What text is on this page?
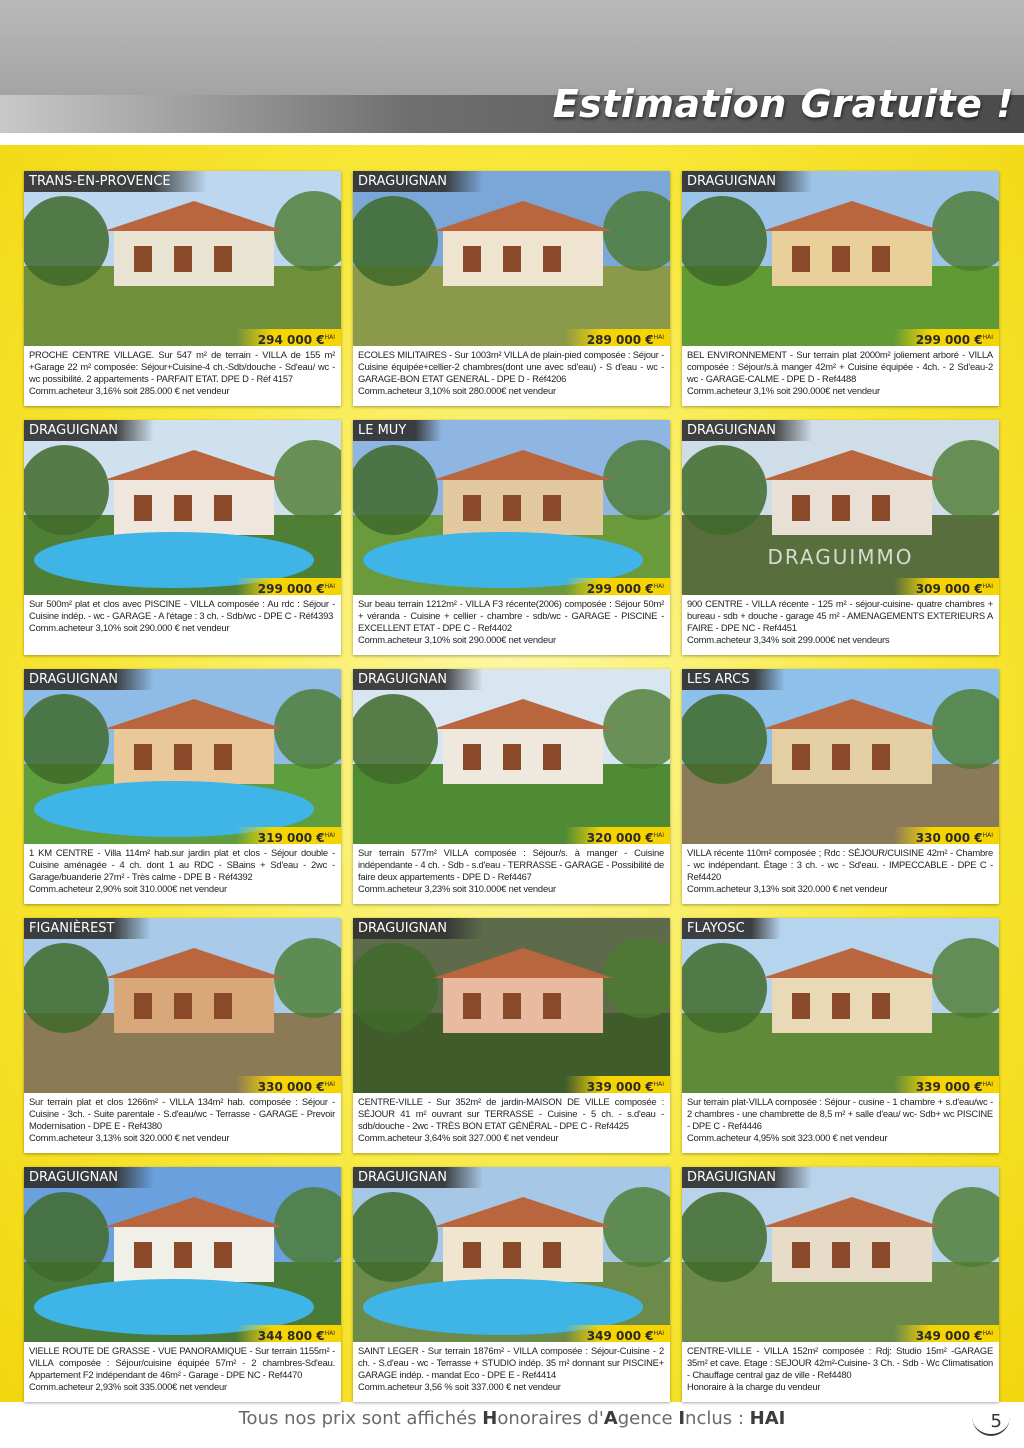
Estimation Gratuite !
TRANS-EN-PROVENCE
294 000 €$^{HAI}$
PROCHE CENTRE VILLAGE. Sur 547 m² de terrain - VILLA de 155 m² +Garage 22 m² composée: Séjour+Cuisine-4 ch.-Sdb/douche - Sd'eau/ wc - wc possibilité. 2 appartements - PARFAIT ETAT. DPE D - Réf 4157
Comm.acheteur 3,16% soit 285.000 € net vendeur
DRAGUIGNAN
289 000 €$^{HAI}$
ECOLES MILITAIRES - Sur 1003m² VILLA de plain-pied composée : Séjour - Cuisine équipée+cellier-2 chambres(dont une avec sd'eau) - S d'eau - wc -GARAGE-BON ETAT GENERAL - DPE D - Réf4206
Comm.acheteur 3,10% soit 280.000€ net vendeur
DRAGUIGNAN
299 000 €$^{HAI}$
BEL ENVIRONNEMENT - Sur terrain plat 2000m² joliement arboré - VILLA composée : Séjour/s.à manger 42m² + Cuisine équipée - 4ch. - 2 Sd'eau-2 wc - GARAGE-CALME - DPE D - Ref4488
Comm.acheteur 3,1% soit 290.000€ net vendeur
DRAGUIGNAN
299 000 €$^{HAI}$
Sur 500m² plat et clos avec PISCINE - VILLA composée : Au rdc : Séjour - Cuisine indép. - wc - GARAGE - A l'étage : 3 ch. - Sdb/wc - DPE C - Réf4393
Comm.acheteur 3,10% soit 290.000 € net vendeur
LE MUY
299 000 €$^{HAI}$
Sur beau terrain 1212m² - VILLA F3 récente(2006) composée : Séjour 50m² + véranda - Cuisine + cellier - chambre - sdb/wc - GARAGE - PISCINE - EXCELLENT ETAT - DPE C - Ref4402
Comm.acheteur 3,10% soit 290.000€ net vendeur
DRAGUIGNAN
DRAGUIMMO
309 000 €$^{HAI}$
900 CENTRE - VILLA récente - 125 m² - séjour-cuisine- quatre chambres + bureau - sdb + douche - garage 45 m² - AMENAGEMENTS EXTERIEURS A FAIRE - DPE NC - Ref4451
Comm.acheteur 3,34% soit 299.000€ net vendeurs
DRAGUIGNAN
319 000 €$^{HAI}$
1 KM CENTRE - Villa 114m² hab.sur jardin plat et clos - Séjour double - Cuisine aménagée - 4 ch. dont 1 au RDC - SBains + Sd'eau - 2wc - Garage/buanderie 27m² - Très calme - DPE B - Réf4392
Comm.acheteur 2,90% soit 310.000€ net vendeur
DRAGUIGNAN
320 000 €$^{HAI}$
Sur terrain 577m² VILLA composée : Séjour/s. à manger - Cuisine indépendante - 4 ch. - Sdb - s.d'eau - TERRASSE - GARAGE - Possibilité de faire deux appartements - DPE D - Ref4467
Comm.acheteur 3,23% soit 310.000€ net vendeur
LES ARCS
330 000 €$^{HAI}$
VILLA récente 110m² composée ; Rdc : SÉJOUR/CUISINE 42m² - Chambre - wc indépendant. Étage : 3 ch. - wc - Sd'eau. - IMPECCABLE - DPE C - Ref4420
Comm.acheteur 3,13% soit 320.000 € net vendeur
FIGANIÈREST
330 000 €$^{HAI}$
Sur terrain plat et clos 1266m² - VILLA 134m² hab. composée : Séjour - Cuisine - 3ch. - Suite parentale - S.d'eau/wc - Terrasse - GARAGE - Prevoir Modernisation - DPE E - Ref4380
Comm.acheteur 3,13% soit 320.000 € net vendeur
DRAGUIGNAN
339 000 €$^{HAI}$
CENTRE-VILLE - Sur 352m² de jardin-MAISON DE VILLE composée : SÉJOUR 41 m² ouvrant sur TERRASSE - Cuisine - 5 ch. - s.d'eau - sdb/douche - 2wc - TRÈS BON ETAT GÉNÉRAL - DPE C - Ref4425
Comm.acheteur 3,64% soit 327.000 € net vendeur
FLAYOSC
339 000 €$^{HAI}$
Sur terrain plat-VILLA composée : Séjour - cusine - 1 chambre + s.d'eau/wc - 2 chambres - une chambrette de 8,5 m² + salle d'eau/ wc- Sdb+ wc PISCINE - DPE C - Ref4446
Comm.acheteur 4,95% soit 323.000 € net vendeur
DRAGUIGNAN
344 800 €$^{HAI}$
VIELLE ROUTE DE GRASSE - VUE PANORAMIQUE - Sur terrain 1155m² - VILLA composée : Séjour/cuisine équipée 57m² - 2 chambres-Sd'eau. Appartement F2 indépendant de 46m² - Garage - DPE NC - Ref4470
Comm.acheteur 2,93% soit 335.000€ net vendeur
DRAGUIGNAN
349 000 €$^{HAI}$
SAINT LEGER - Sur terrain 1876m² - VILLA composée : Séjour-Cuisine - 2 ch. - S.d'eau - wc - Terrasse + STUDIO indép. 35 m² donnant sur PISCINE+ GARAGE indép. - mandat Eco - DPE E - Ref4414
Comm.acheteur 3,56 % soit 337.000 € net vendeur
DRAGUIGNAN
349 000 €$^{HAI}$
CENTRE-VILLE - VILLA 152m² composée : Rdj: Studio 15m² -GARAGE 35m² et cave. Etage : SEJOUR 42m²-Cuisine- 3 Ch. - Sdb - Wc Climatisation - Chauffage central gaz de ville - Ref4480
Honoraire à la charge du vendeur
Tous nos prix sont affichés Honoraires d'Agence Inclus : HAI	5
